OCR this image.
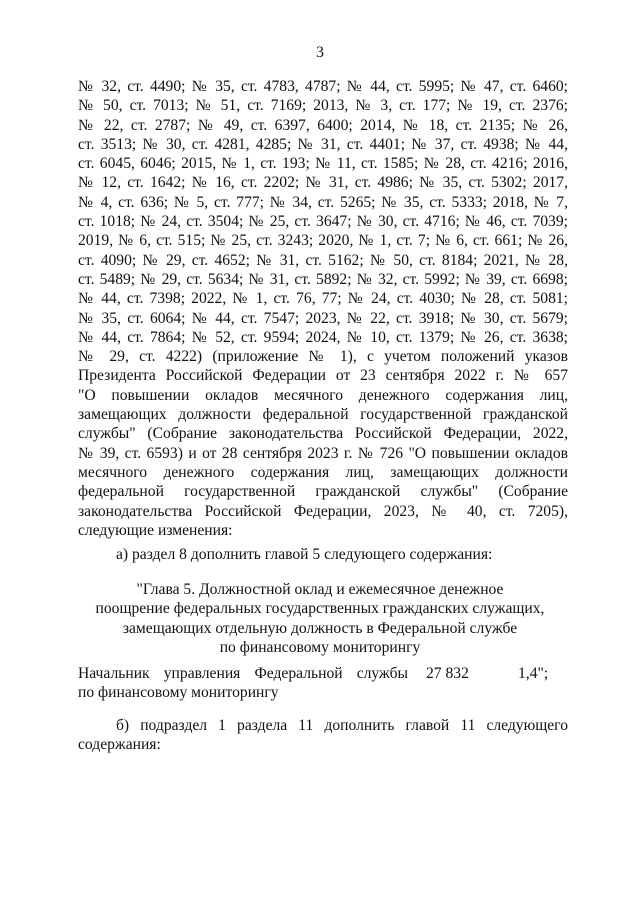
3
№ 32, ст. 4490; № 35, ст. 4783, 4787; № 44, ст. 5995; № 47, ст. 6460;
№ 50, ст. 7013; № 51, ст. 7169; 2013, № 3, ст. 177; № 19, ст. 2376;
№ 22, ст. 2787; № 49, ст. 6397, 6400; 2014, № 18, ст. 2135; № 26,
ст. 3513; № 30, ст. 4281, 4285; № 31, ст. 4401; № 37, ст. 4938; № 44,
ст. 6045, 6046; 2015, № 1, ст. 193; № 11, ст. 1585; № 28, ст. 4216; 2016,
№ 12, ст. 1642; № 16, ст. 2202; № 31, ст. 4986; № 35, ст. 5302; 2017,
№ 4, ст. 636; № 5, ст. 777; № 34, ст. 5265; № 35, ст. 5333; 2018, № 7,
ст. 1018; № 24, ст. 3504; № 25, ст. 3647; № 30, ст. 4716; № 46, ст. 7039;
2019, № 6, ст. 515; № 25, ст. 3243; 2020, № 1, ст. 7; № 6, ст. 661; № 26,
ст. 4090; № 29, ст. 4652; № 31, ст. 5162; № 50, ст. 8184; 2021, № 28,
ст. 5489; № 29, ст. 5634; № 31, ст. 5892; № 32, ст. 5992; № 39, ст. 6698;
№ 44, ст. 7398; 2022, № 1, ст. 76, 77; № 24, ст. 4030; № 28, ст. 5081;
№ 35, ст. 6064; № 44, ст. 7547; 2023, № 22, ст. 3918; № 30, ст. 5679;
№ 44, ст. 7864; № 52, ст. 9594; 2024, № 10, ст. 1379; № 26, ст. 3638;
№ 29, ст. 4222) (приложение № 1), с учетом положений указов
Президента Российской Федерации от 23 сентября 2022 г. № 657
"О повышении окладов месячного денежного содержания лиц,
замещающих должности федеральной государственной гражданской
службы" (Собрание законодательства Российской Федерации, 2022,
№ 39, ст. 6593) и от 28 сентября 2023 г. № 726 "О повышении окладов
месячного денежного содержания лиц, замещающих должности
федеральной государственной гражданской службы" (Собрание
законодательства Российской Федерации, 2023, № 40, ст. 7205),
следующие изменения:
а) раздел 8 дополнить главой 5 следующего содержания:
"Глава 5. Должностной оклад и ежемесячное денежное
поощрение федеральных государственных гражданских служащих,
замещающих отдельную должность в Федеральной службе
по финансовому мониторингу
Начальник управления Федеральной службы
по финансовому мониторингу
27 832	1,4";
б) подраздел 1 раздела 11 дополнить главой 11 следующего
содержания:
